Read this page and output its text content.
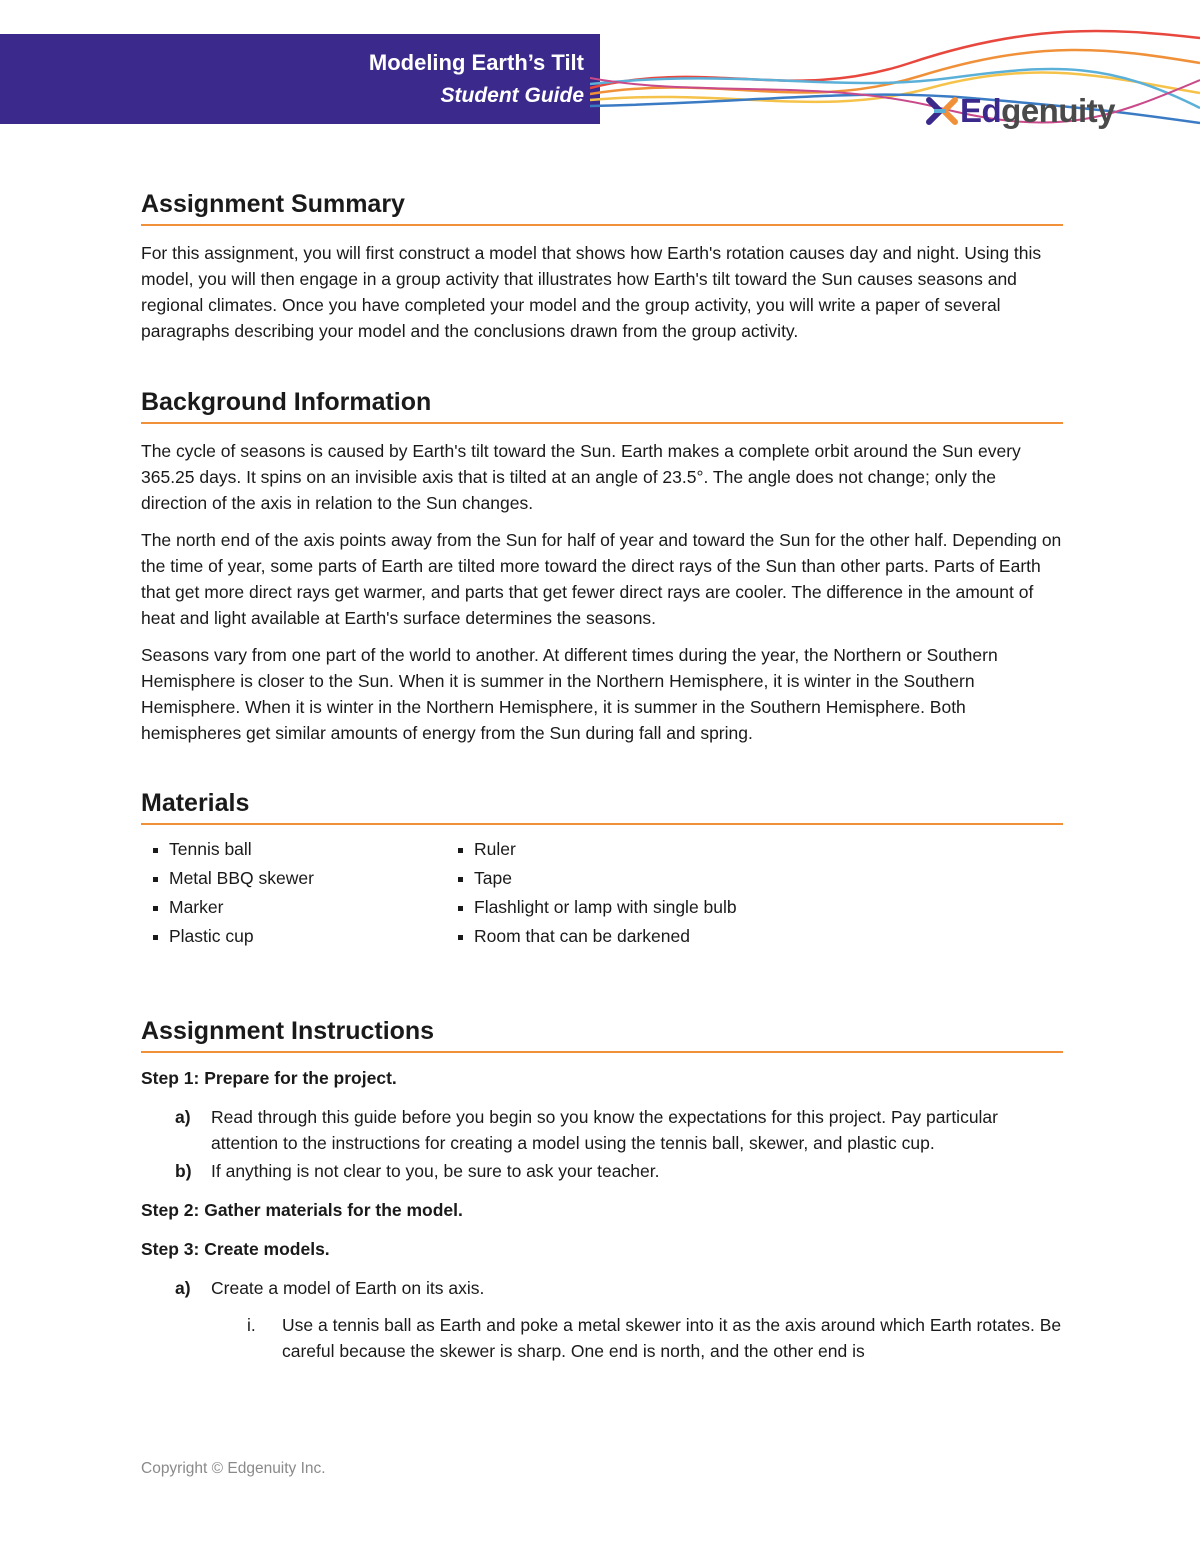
Modeling Earth’s Tilt
Student Guide	Edgenuity
Assignment Summary

For this assignment, you will first construct a model that shows how Earth's rotation causes day and night. Using this model, you will then engage in a group activity that illustrates how Earth's tilt toward the Sun causes seasons and regional climates. Once you have completed your model and the group activity, you will write a paper of several paragraphs describing your model and the conclusions drawn from the group activity.

Background Information

The cycle of seasons is caused by Earth's tilt toward the Sun. Earth makes a complete orbit around the Sun every 365.25 days. It spins on an invisible axis that is tilted at an angle of 23.5°. The angle does not change; only the direction of the axis in relation to the Sun changes.

The north end of the axis points away from the Sun for half of year and toward the Sun for the other half. Depending on the time of year, some parts of Earth are tilted more toward the direct rays of the Sun than other parts. Parts of Earth that get more direct rays get warmer, and parts that get fewer direct rays are cooler. The difference in the amount of heat and light available at Earth's surface determines the seasons.

Seasons vary from one part of the world to another. At different times during the year, the Northern or Southern Hemisphere is closer to the Sun. When it is summer in the Northern Hemisphere, it is winter in the Southern Hemisphere. When it is winter in the Northern Hemisphere, it is summer in the Southern Hemisphere. Both hemispheres get similar amounts of energy from the Sun during fall and spring.

Materials
Tennis ball
Metal BBQ skewer
Marker
Plastic cup
Ruler
Tape
Flashlight or lamp with single bulb
Room that can be darkened
Assignment Instructions
Step 1: Prepare for the project.
a)	Read through this guide before you begin so you know the expectations for this project. Pay particular attention to the instructions for creating a model using the tennis ball, skewer, and plastic cup.
b)	If anything is not clear to you, be sure to ask your teacher.
Step 2: Gather materials for the model.
Step 3: Create models.
a)	Create a model of Earth on its axis.
i.	Use a tennis ball as Earth and poke a metal skewer into it as the axis around which Earth rotates. Be careful because the skewer is sharp. One end is north, and the other end is
Copyright © Edgenuity Inc.
